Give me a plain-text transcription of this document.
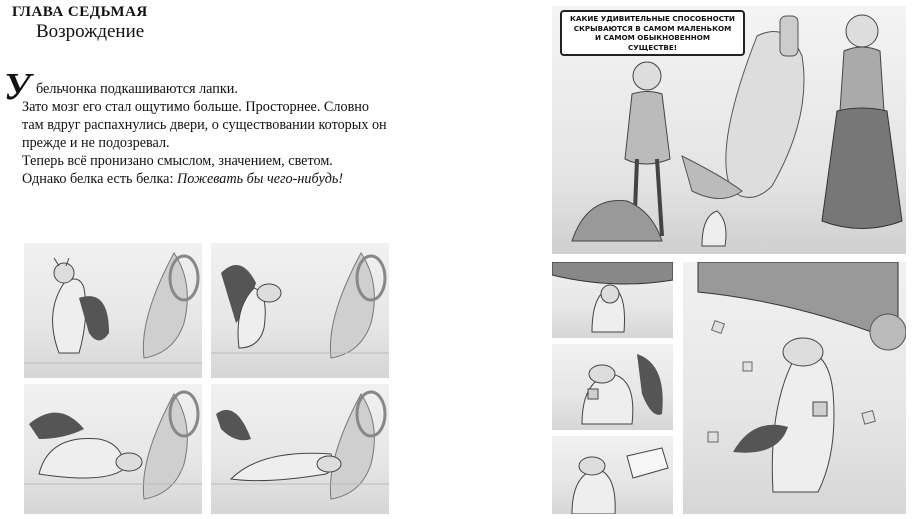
ГЛАВА СЕДЬМАЯ
Возрождение
У бельчонка подкашиваются лапки.
Зато мозг его стал ощутимо больше. Просторнее. Словно
там вдруг распахнулись двери, о существовании которых он
прежде и не подозревал.
Теперь всё пронизано смыслом, значением, светом.
Однако белка есть белка: Пожевать бы чего-нибудь!
КАКИЕ УДИВИТЕЛЬНЫЕ СПОСОБНОСТИ
СКРЫВАЮТСЯ В САМОМ МАЛЕНЬКОМ
И САМОМ ОБЫКНОВЕННОМ
СУЩЕСТВЕ!
